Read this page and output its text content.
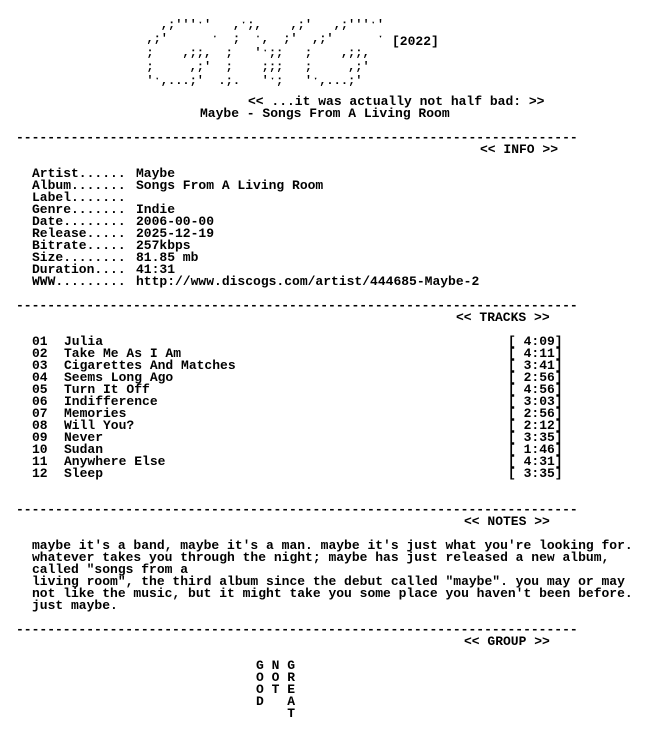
,;'''ˑ'   ,ˑ;,    ,;'   ,;'''ˑ'
,;'      ˑ  ;  ˑ,  ;'  ,;'      ˑ
;    ,;;,  ;   'ˑ;;   ;    ,;;,
;     ,;'  ;    ;;;   ;     ,;'
'ˑ,...;'  .;.   'ˑ;   'ˑ,...;'
[2022]
<< ...it was actually not half bad: >>
Maybe - Songs From A Living Room
------------------------------------------------------------------------
<< INFO >>
Artist...... Maybe
Album....... Songs From A Living Room
Label.......
Genre....... Indie
Date........ 2006-00-00
Release..... 2025-12-19
Bitrate..... 257kbps
Size........ 81.85 mb
Duration.... 41:31
WWW......... http://www.discogs.com/artist/444685-Maybe-2
------------------------------------------------------------------------
<< TRACKS >>
01	Julia	[ 4:09]
02	Take Me As I Am	[ 4:11]
03	Cigarettes And Matches	[ 3:41]
04	Seems Long Ago	[ 2:56]
05	Turn It Off	[ 4:56]
06	Indifference	[ 3:03]
07	Memories	[ 2:56]
08	Will You?	[ 2:12]
09	Never	[ 3:35]
10	Sudan	[ 1:46]
11	Anywhere Else	[ 4:31]
12	Sleep	[ 3:35]
------------------------------------------------------------------------
<< NOTES >>
maybe it's a band, maybe it's a man. maybe it's just what you're looking for.
whatever takes you through the night; maybe has just released a new album,
called "songs from a
living room", the third album since the debut called "maybe". you may or may
not like the music, but it might take you some place you haven't been before.
just maybe.
------------------------------------------------------------------------
<< GROUP >>
G N G
O O R
O T E
D   A
T
